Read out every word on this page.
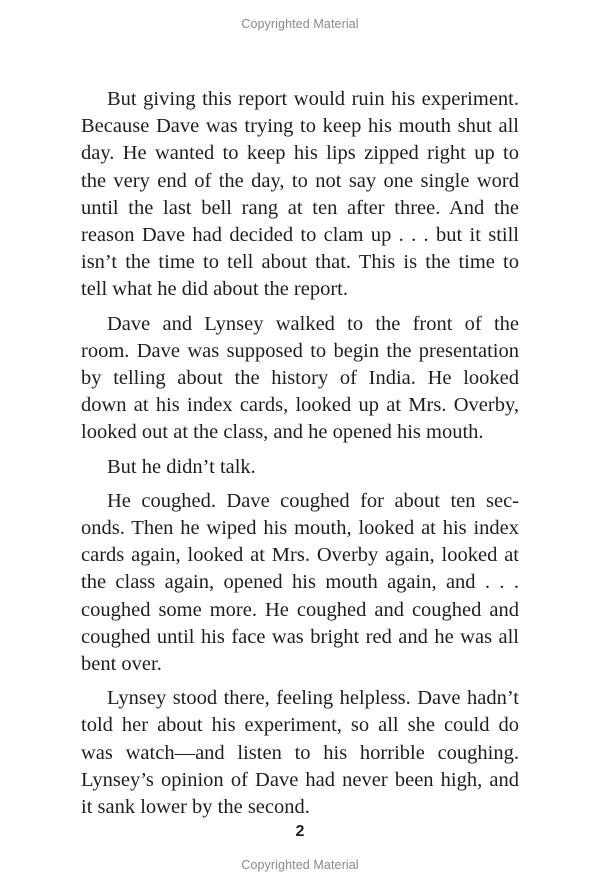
Copyrighted Material
But giving this report would ruin his experiment.
Because Dave was trying to keep his mouth shut all
day. He wanted to keep his lips zipped right up to
the very end of the day, to not say one single word
until the last bell rang at ten after three. And the
reason Dave had decided to clam up . . . but it still
isn’t the time to tell about that. This is the time to
tell what he did about the report.
Dave and Lynsey walked to the front of the
room. Dave was supposed to begin the presentation
by telling about the history of India. He looked
down at his index cards, looked up at Mrs. Overby,
looked out at the class, and he opened his mouth.
But he didn’t talk.
He coughed. Dave coughed for about ten sec-
onds. Then he wiped his mouth, looked at his index
cards again, looked at Mrs. Overby again, looked at
the class again, opened his mouth again, and . . .
coughed some more. He coughed and coughed and
coughed until his face was bright red and he was all
bent over.
Lynsey stood there, feeling helpless. Dave hadn’t
told her about his experiment, so all she could do
was watch—and listen to his horrible coughing.
Lynsey’s opinion of Dave had never been high, and
it sank lower by the second.
2
Copyrighted Material
